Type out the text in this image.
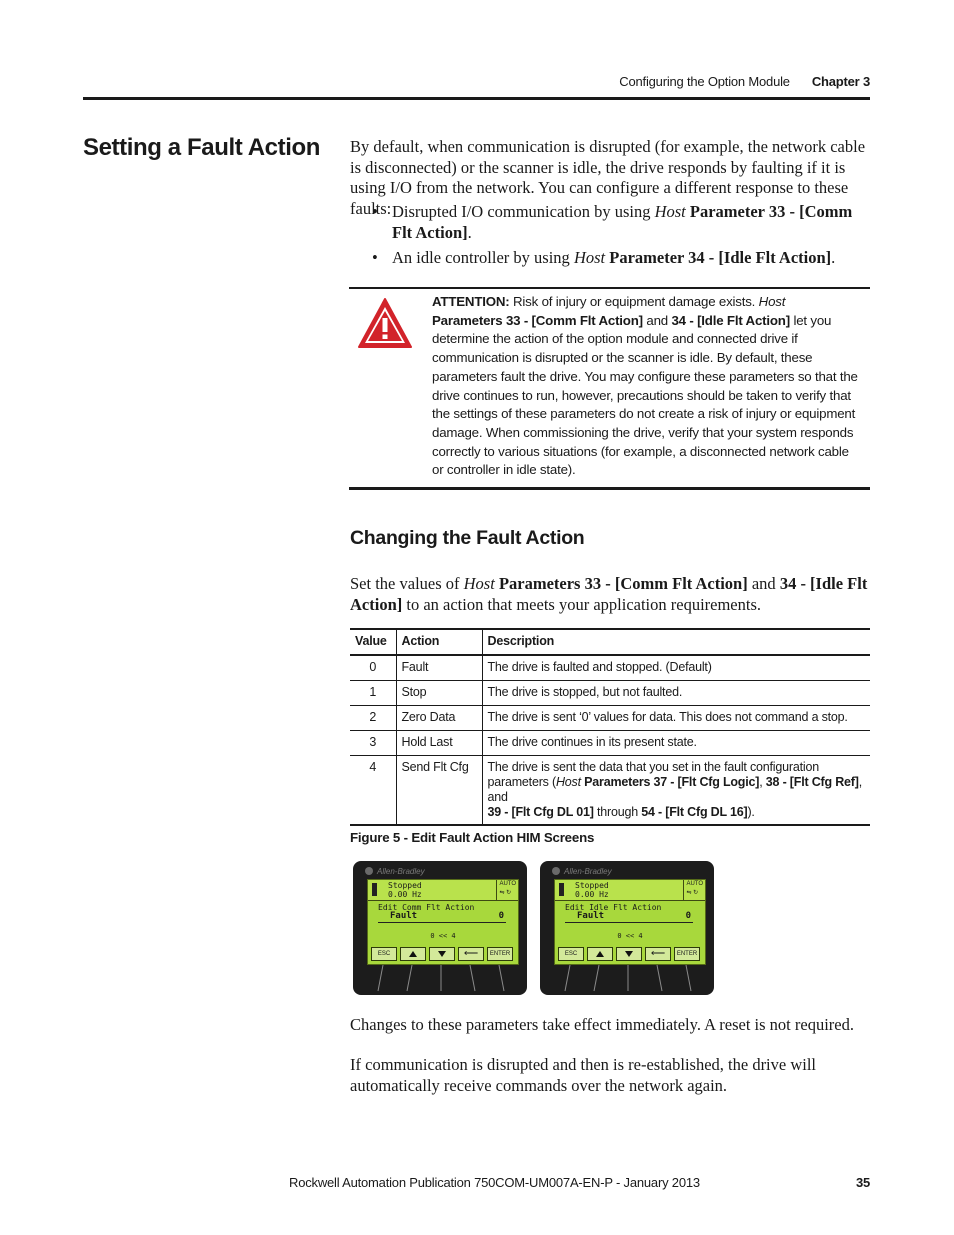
Configuring the Option Module Chapter 3
Setting a Fault Action By default, when communication is disrupted (for example, the network cable is disconnected) or the scanner is idle, the drive responds by faulting if it is using I/O from the network. You can configure a different response to these faults: • Disrupted I/O communication by using Host Parameter 33 - [Comm Flt Action].
• An idle controller by using Host Parameter 34 - [Idle Flt Action].
ATTENTION: Risk of injury or equipment damage exists. Host
Parameters 33 - [Comm Flt Action] and 34 - [Idle Flt Action] let you determine the action of the option module and connected drive if communication is disrupted or the scanner is idle. By default, these parameters fault the drive. You may configure these parameters so that the drive continues to run, however, precautions should be taken to verify that the settings of these parameters do not create a risk of injury or equipment damage. When commissioning the drive, verify that your system responds correctly to various situations (for example, a disconnected network cable or controller in idle state).
Changing the Fault Action

Set the values of Host Parameters 33 - [Comm Flt Action] and 34 - [Idle Flt Action] to an action that meets your application requirements.

Value	Action	Description
0	Fault	The drive is faulted and stopped. (Default)
1	Stop	The drive is stopped, but not faulted.
2	Zero Data	The drive is sent ‘0’ values for data. This does not command a stop.
3	Hold Last	The drive continues in its present state.
4	Send Flt Cfg	The drive is sent the data that you set in the fault configuration parameters (Host Parameters 37 - [Flt Cfg Logic], 38 - [Flt Cfg Ref], and
39 - [Flt Cfg DL 01] through 54 - [Flt Cfg DL 16]).
Figure 5 - Edit Fault Action HIM Screens
Allen-Bradley
Stopped
0.00 Hz
AUTO
⇋ ↻
Edit Comm Flt Action
Fault	0
0 << 4
ESC	⟵	ENTER
Allen-Bradley
Stopped
0.00 Hz
AUTO
⇋ ↻
Edit Idle Flt Action
Fault	0
0 << 4
ESC	⟵	ENTER

Changes to these parameters take effect immediately. A reset is not required.

If communication is disrupted and then is re-established, the drive will automatically receive commands over the network again.

Rockwell Automation Publication 750COM-UM007A-EN-P - January 2013	35
